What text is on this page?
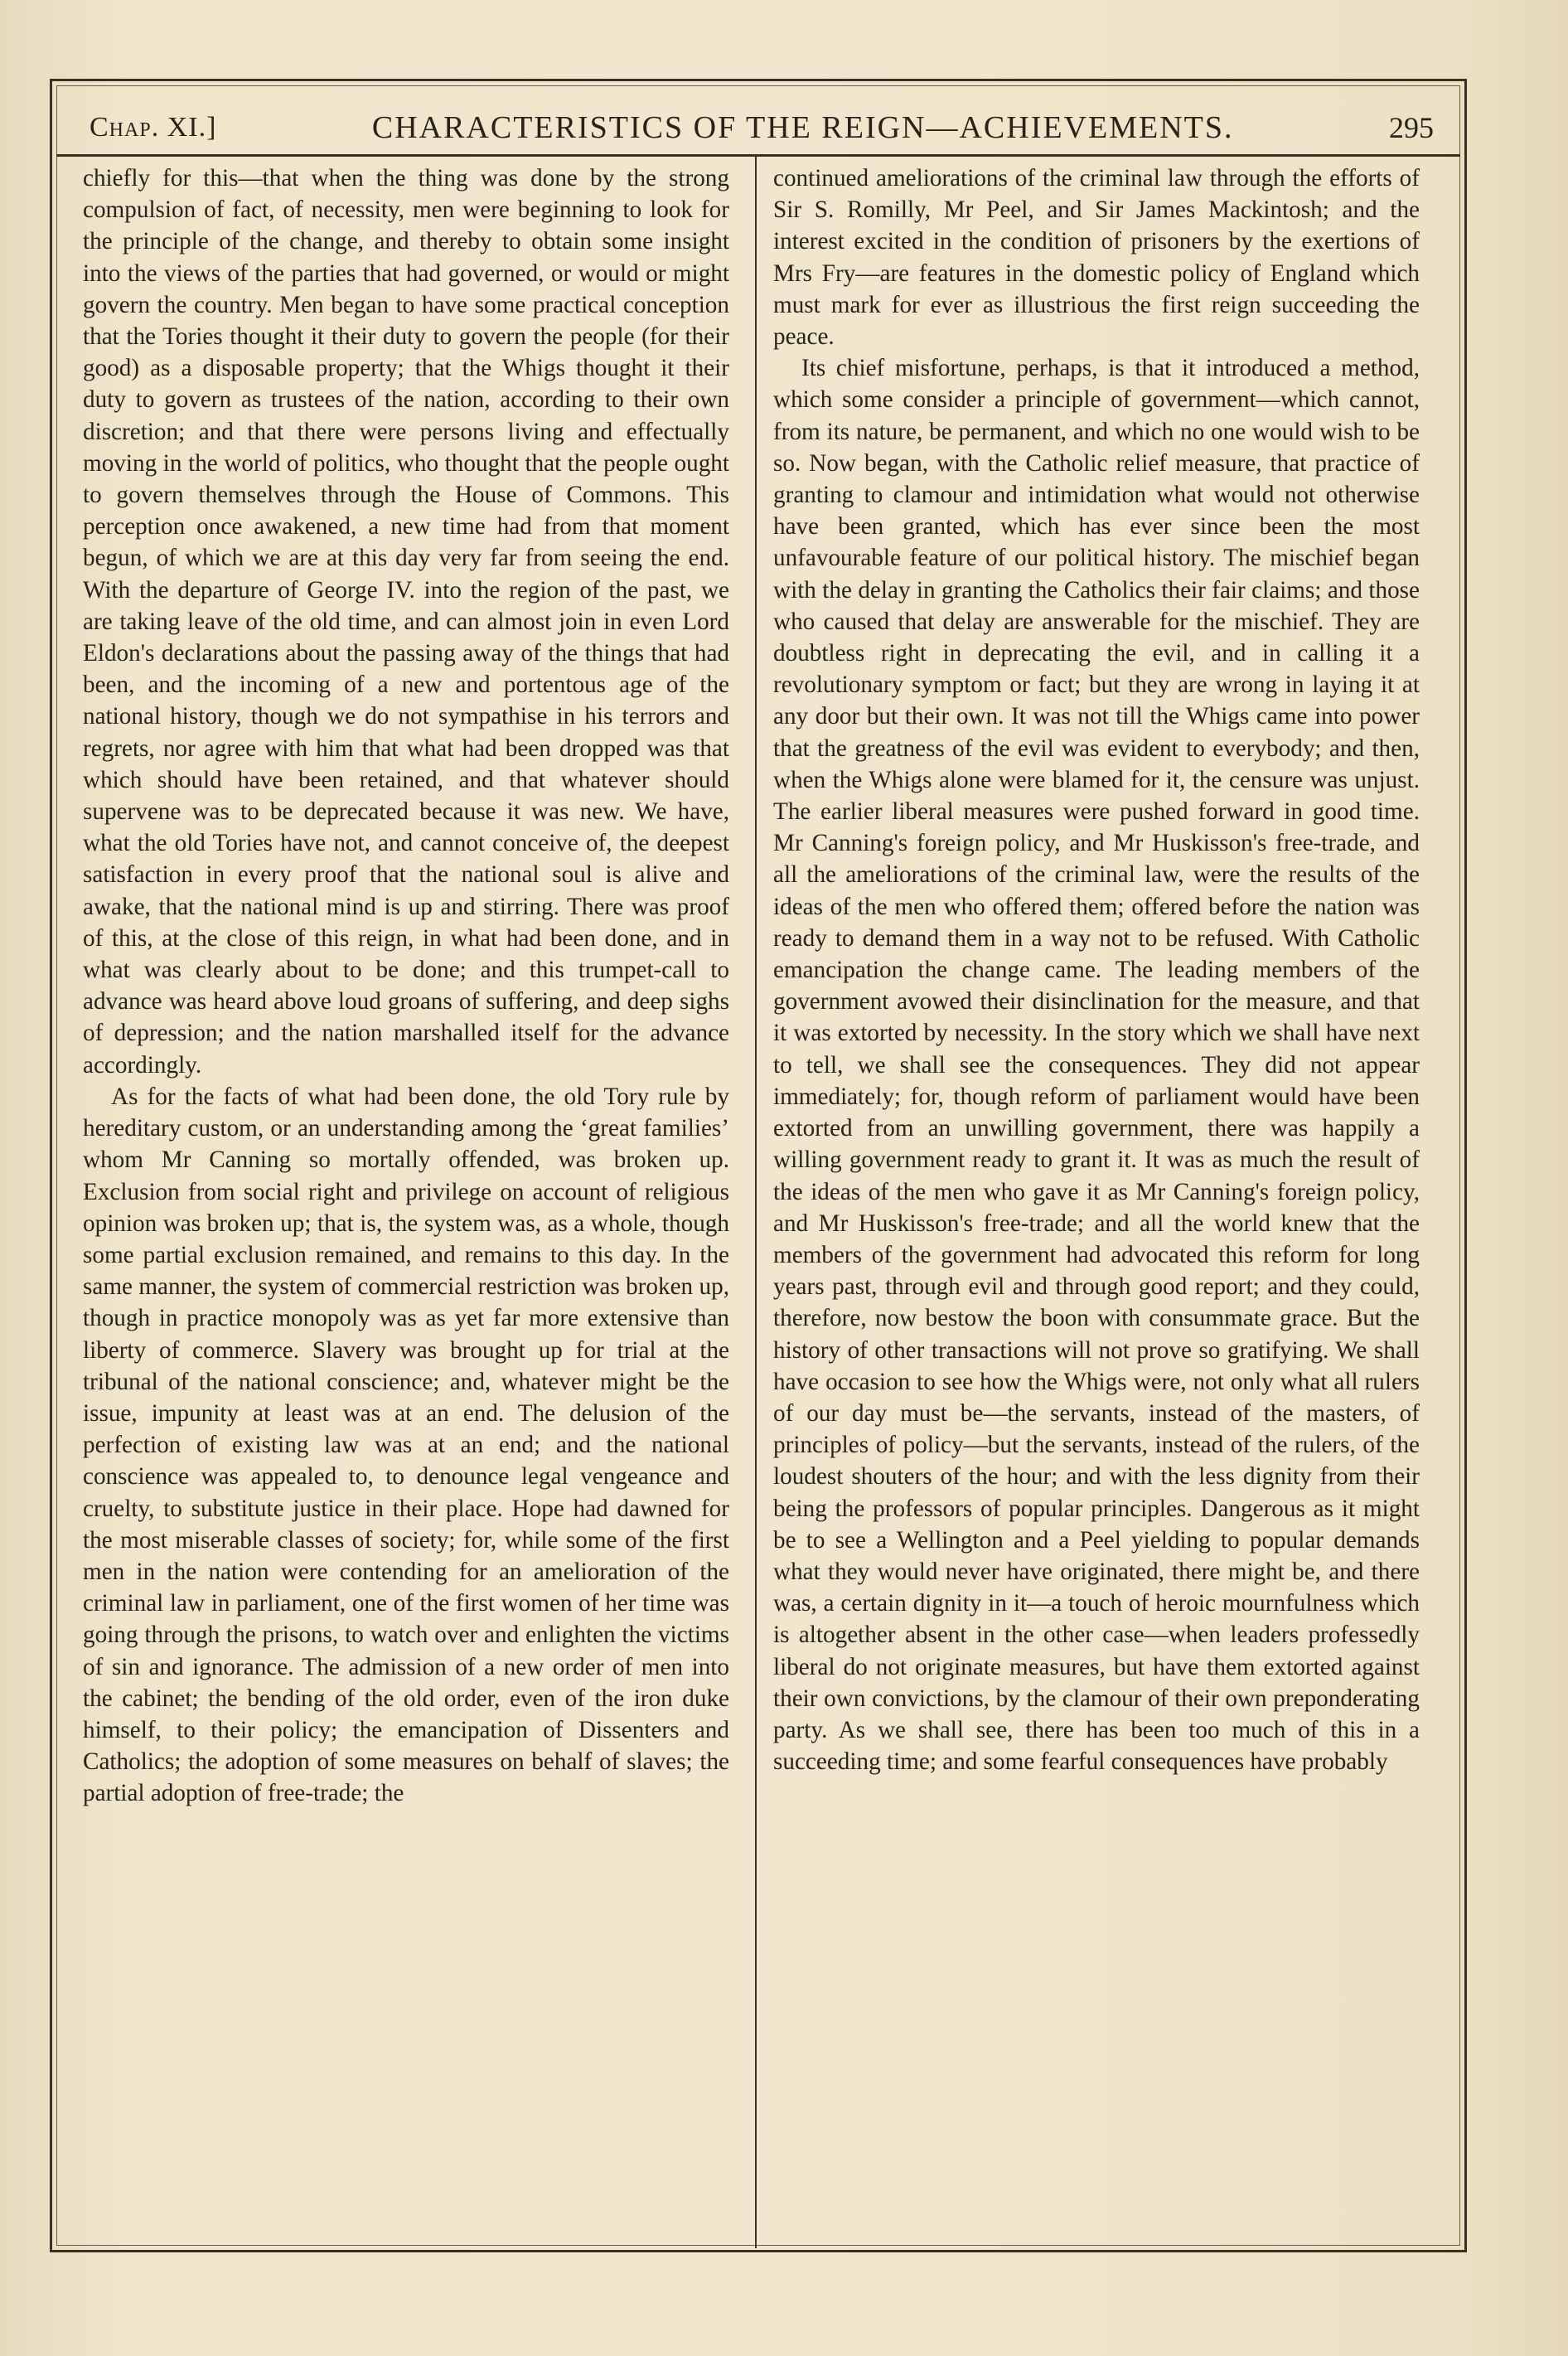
Chap. XI.]	CHARACTERISTICS OF THE REIGN—ACHIEVEMENTS.	295

chiefly for this—that when the thing was done by the strong compulsion of fact, of necessity, men were beginning to look for the principle of the change, and thereby to obtain some insight into the views of the parties that had governed, or would or might govern the country. Men began to have some practical conception that the Tories thought it their duty to govern the people (for their good) as a disposable property; that the Whigs thought it their duty to govern as trustees of the nation, according to their own discretion; and that there were persons living and effectually moving in the world of politics, who thought that the people ought to govern themselves through the House of Commons. This perception once awakened, a new time had from that moment begun, of which we are at this day very far from seeing the end. With the departure of George IV. into the region of the past, we are taking leave of the old time, and can almost join in even Lord Eldon's declarations about the passing away of the things that had been, and the incoming of a new and portentous age of the national history, though we do not sympathise in his terrors and regrets, nor agree with him that what had been dropped was that which should have been retained, and that whatever should supervene was to be deprecated because it was new. We have, what the old Tories have not, and cannot conceive of, the deepest satisfaction in every proof that the national soul is alive and awake, that the national mind is up and stirring. There was proof of this, at the close of this reign, in what had been done, and in what was clearly about to be done; and this trumpet-call to advance was heard above loud groans of suffering, and deep sighs of depression; and the nation marshalled itself for the advance accordingly.

As for the facts of what had been done, the old Tory rule by hereditary custom, or an understanding among the ‘great families’ whom Mr Canning so mortally offended, was broken up. Exclusion from social right and privilege on account of religious opinion was broken up; that is, the system was, as a whole, though some partial exclusion remained, and remains to this day. In the same manner, the system of commercial restriction was broken up, though in practice monopoly was as yet far more extensive than liberty of commerce. Slavery was brought up for trial at the tribunal of the national conscience; and, whatever might be the issue, impunity at least was at an end. The delusion of the perfection of existing law was at an end; and the national conscience was appealed to, to denounce legal vengeance and cruelty, to substitute justice in their place. Hope had dawned for the most miserable classes of society; for, while some of the first men in the nation were contending for an amelioration of the criminal law in parliament, one of the first women of her time was going through the prisons, to watch over and enlighten the victims of sin and ignorance. The admission of a new order of men into the cabinet; the bending of the old order, even of the iron duke himself, to their policy; the emancipation of Dissenters and Catholics; the adoption of some measures on behalf of slaves; the partial adoption of free-trade; the

continued ameliorations of the criminal law through the efforts of Sir S. Romilly, Mr Peel, and Sir James Mackintosh; and the interest excited in the condition of prisoners by the exertions of Mrs Fry—are features in the domestic policy of England which must mark for ever as illustrious the first reign succeeding the peace.

Its chief misfortune, perhaps, is that it introduced a method, which some consider a principle of government—which cannot, from its nature, be permanent, and which no one would wish to be so. Now began, with the Catholic relief measure, that practice of granting to clamour and intimidation what would not otherwise have been granted, which has ever since been the most unfavourable feature of our political history. The mischief began with the delay in granting the Catholics their fair claims; and those who caused that delay are answerable for the mischief. They are doubtless right in deprecating the evil, and in calling it a revolutionary symptom or fact; but they are wrong in laying it at any door but their own. It was not till the Whigs came into power that the greatness of the evil was evident to everybody; and then, when the Whigs alone were blamed for it, the censure was unjust. The earlier liberal measures were pushed forward in good time. Mr Canning's foreign policy, and Mr Huskisson's free-trade, and all the ameliorations of the criminal law, were the results of the ideas of the men who offered them; offered before the nation was ready to demand them in a way not to be refused. With Catholic emancipation the change came. The leading members of the government avowed their disinclination for the measure, and that it was extorted by necessity. In the story which we shall have next to tell, we shall see the consequences. They did not appear immediately; for, though reform of parliament would have been extorted from an unwilling government, there was happily a willing government ready to grant it. It was as much the result of the ideas of the men who gave it as Mr Canning's foreign policy, and Mr Huskisson's free-trade; and all the world knew that the members of the government had advocated this reform for long years past, through evil and through good report; and they could, therefore, now bestow the boon with consummate grace. But the history of other transactions will not prove so gratifying. We shall have occasion to see how the Whigs were, not only what all rulers of our day must be—the servants, instead of the masters, of principles of policy—but the servants, instead of the rulers, of the loudest shouters of the hour; and with the less dignity from their being the professors of popular principles. Dangerous as it might be to see a Wellington and a Peel yielding to popular demands what they would never have originated, there might be, and there was, a certain dignity in it—a touch of heroic mournfulness which is altogether absent in the other case—when leaders professedly liberal do not originate measures, but have them extorted against their own convictions, by the clamour of their own preponderating party. As we shall see, there has been too much of this in a succeeding time; and some fearful consequences have probably
